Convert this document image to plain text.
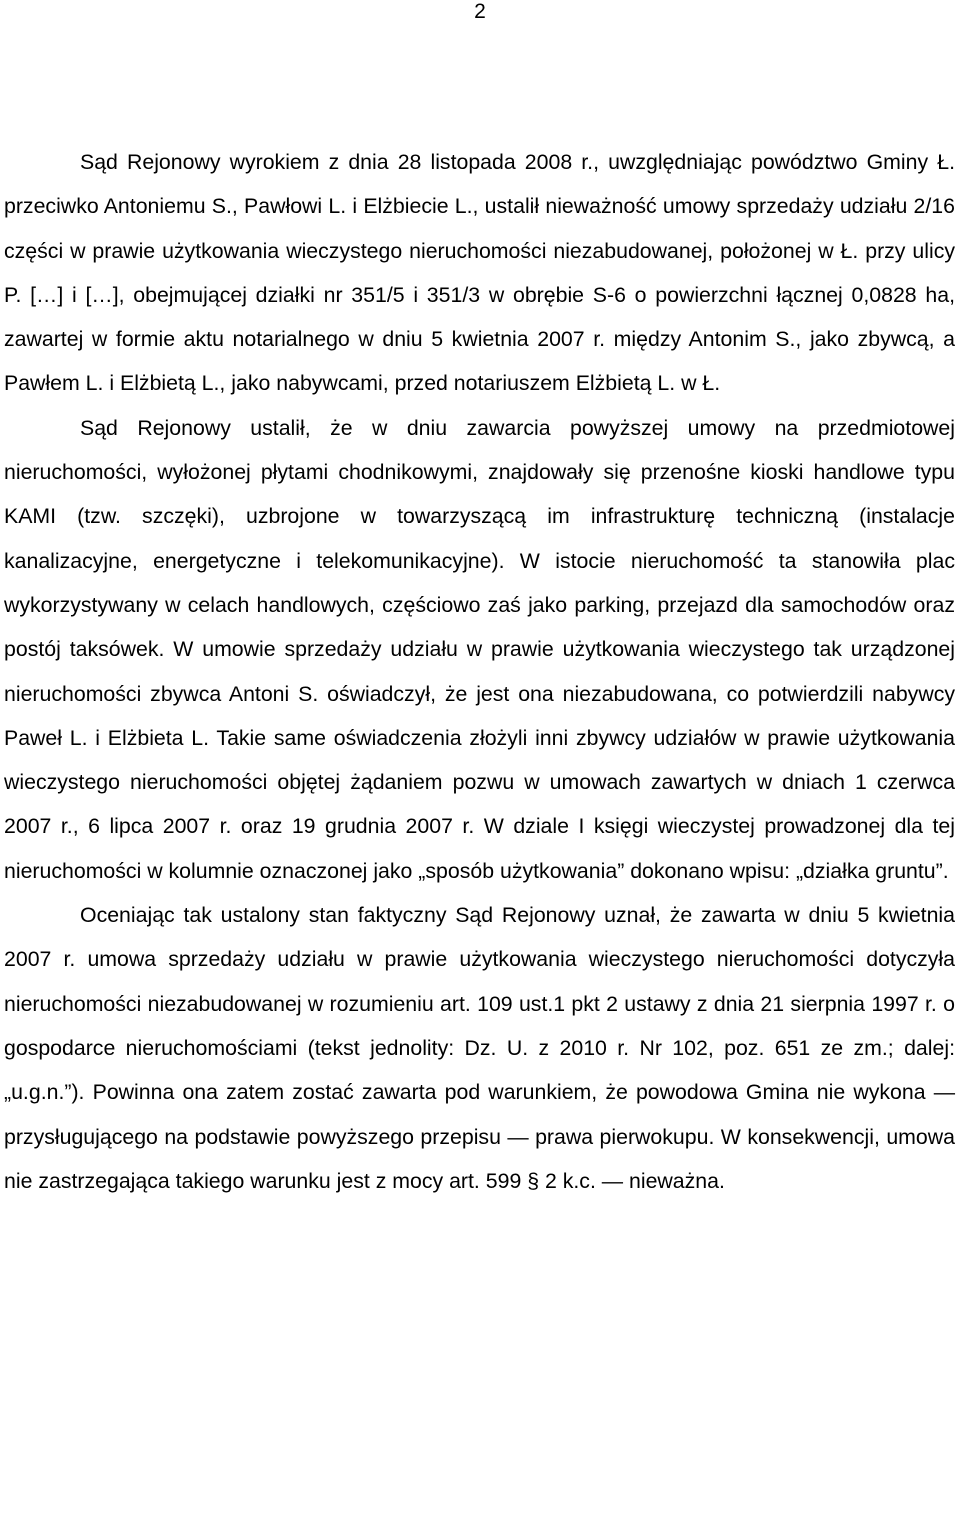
2

Sąd Rejonowy wyrokiem z dnia 28 listopada 2008 r., uwzględniając powództwo Gminy Ł. przeciwko Antoniemu S., Pawłowi L. i Elżbiecie L., ustalił nieważność umowy sprzedaży udziału 2/16 części w prawie użytkowania wieczystego nieruchomości niezabudowanej, położonej w Ł. przy ulicy P. […] i […], obejmującej działki nr 351/5 i 351/3 w obrębie S-6 o powierzchni łącznej 0,0828 ha, zawartej w formie aktu notarialnego w dniu 5 kwietnia 2007 r. między Antonim S., jako zbywcą, a Pawłem L. i Elżbietą L., jako nabywcami, przed notariuszem Elżbietą L. w Ł.

Sąd Rejonowy ustalił, że w dniu zawarcia powyższej umowy na przedmiotowej nieruchomości, wyłożonej płytami chodnikowymi, znajdowały się przenośne kioski handlowe typu KAMI (tzw. szczęki), uzbrojone w towarzyszącą im infrastrukturę techniczną (instalacje kanalizacyjne, energetyczne i telekomunikacyjne). W istocie nieruchomość ta stanowiła plac wykorzystywany w celach handlowych, częściowo zaś jako parking, przejazd dla samochodów oraz postój taksówek. W umowie sprzedaży udziału w prawie użytkowania wieczystego tak urządzonej nieruchomości zbywca Antoni S. oświadczył, że jest ona niezabudowana, co potwierdzili nabywcy Paweł L. i Elżbieta L. Takie same oświadczenia złożyli inni zbywcy udziałów w prawie użytkowania wieczystego nieruchomości objętej żądaniem pozwu w umowach zawartych w dniach 1 czerwca 2007 r., 6 lipca 2007 r. oraz 19 grudnia 2007 r. W dziale I księgi wieczystej prowadzonej dla tej nieruchomości w kolumnie oznaczonej jako „sposób użytkowania” dokonano wpisu: „działka gruntu”.

Oceniając tak ustalony stan faktyczny Sąd Rejonowy uznał, że zawarta w dniu 5 kwietnia 2007 r. umowa sprzedaży udziału w prawie użytkowania wieczystego nieruchomości dotyczyła nieruchomości niezabudowanej w rozumieniu art. 109 ust.1 pkt 2 ustawy z dnia 21 sierpnia 1997 r. o gospodarce nieruchomościami (tekst jednolity: Dz. U. z 2010 r. Nr 102, poz. 651 ze zm.; dalej: „u.g.n.”). Powinna ona zatem zostać zawarta pod warunkiem, że powodowa Gmina nie wykona — przysługującego na podstawie powyższego przepisu — prawa pierwokupu. W konsekwencji, umowa nie zastrzegająca takiego warunku jest z mocy art. 599 § 2 k.c. — nieważna.
